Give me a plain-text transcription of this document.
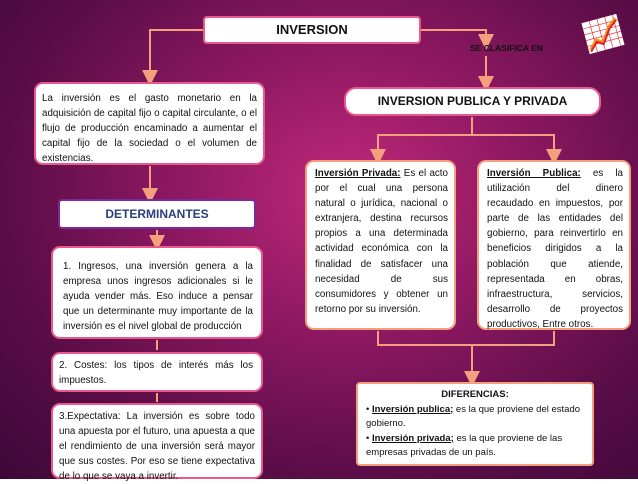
INVERSION
SE CLASIFICA EN
INVERSION PUBLICA Y PRIVADA
La inversión es el gasto monetario en la adquisición de capital fijo o capital circulante, o el flujo de producción encaminado a aumentar el capital fijo de la sociedad o el volumen de existencias.
DETERMINANTES
1. Ingresos, una inversión genera a la empresa unos ingresos adicionales si le ayuda vender más. Eso induce a pensar que un determinante muy importante de la inversión es el nivel global de producción
2. Costes: los tipos de interés más los impuestos.
3.Expectativa: La inversión es sobre todo una apuesta por el futuro, una apuesta a que el rendimiento de una inversión será mayor que sus costes. Por eso se tiene expectativa de lo que se vaya a invertir.
Inversión Privada: Es el acto por el cual una persona natural o jurídica, nacional o extranjera, destina recursos propios a una determinada actividad económica con la finalidad de satisfacer una necesidad de sus consumidores y obtener un retorno por su inversión.
Inversión Publica: es la utilización del dinero recaudado en impuestos, por parte de las entidades del gobierno, para reinvertirlo en beneficios dirigidos a la población que atiende, representada en obras, infraestructura, servicios, desarrollo de proyectos productivos, Entre otros.
DIFERENCIAS:
• Inversión publica; es la que proviene del estado gobierno.
• Inversión privada; es la que proviene de las empresas privadas de un país.
